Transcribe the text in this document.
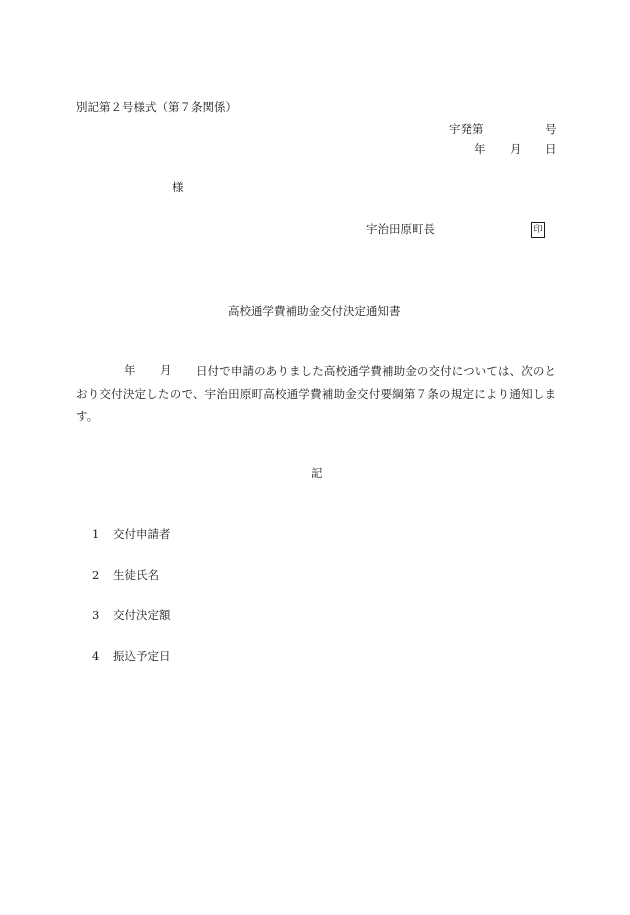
別記第２号様式（第７条関係）
宇発第	号
年 月 日
様
宇治田原町長	印
高校通学費補助金交付決定通知書
年 月	日付で申請のありました高校通学費補助金の交付については、次のとおり交付決定したので、宇治田原町高校通学費補助金交付要綱第７条の規定により通知します。
記
1 交付申請者
2 生徒氏名
3 交付決定額
4 振込予定日
